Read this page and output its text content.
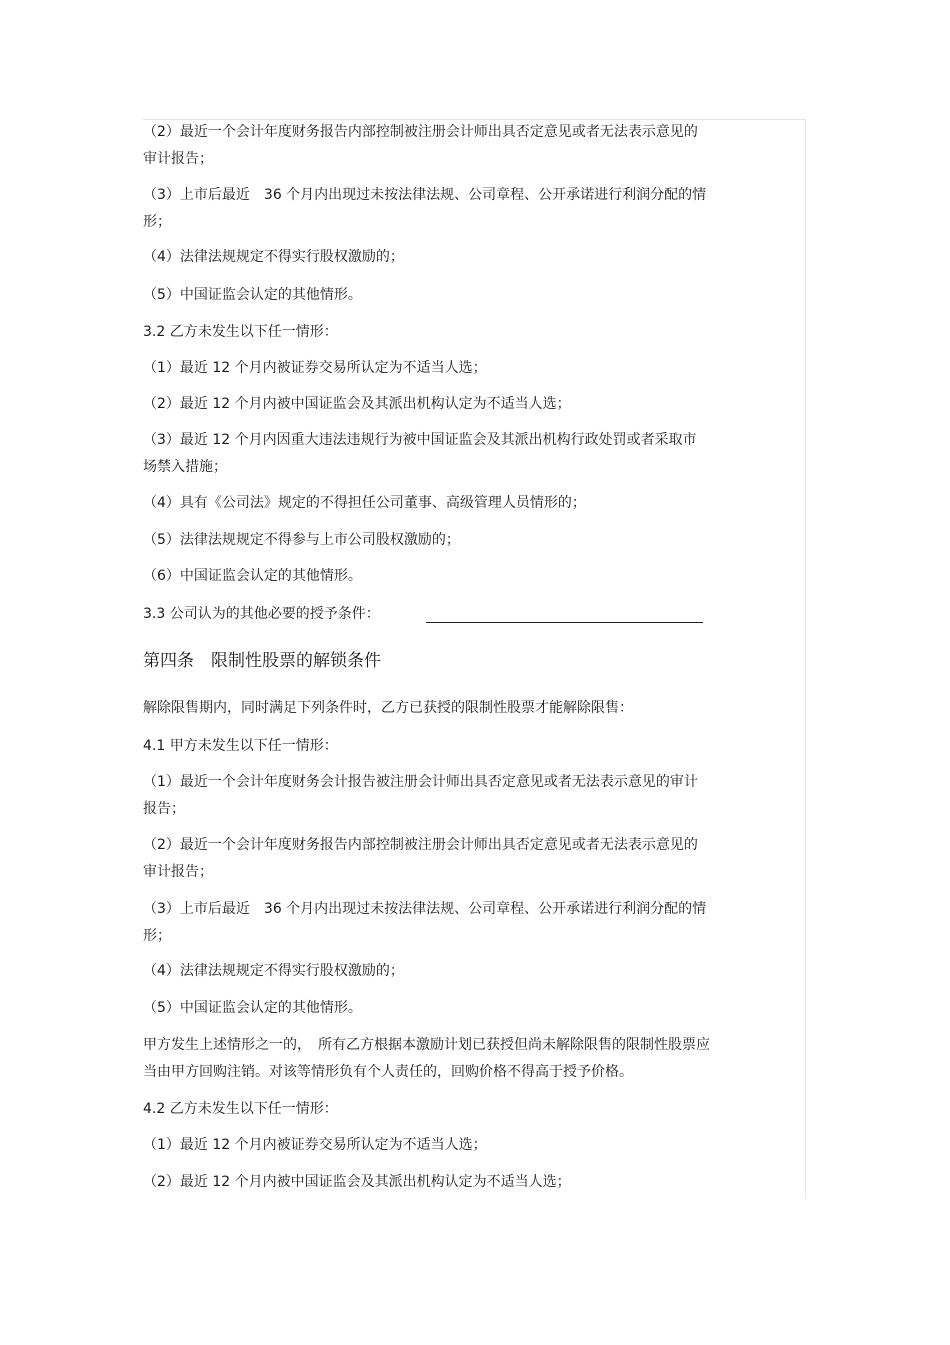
（2）最近一个会计年度财务报告内部控制被注册会计师出具否定意见或者无法表示意见的

审计报告；

（3）上市后最近　36 个月内出现过未按法律法规、公司章程、公开承诺进行利润分配的情

形；

（4）法律法规规定不得实行股权激励的；

（5）中国证监会认定的其他情形。

3.2 乙方未发生以下任一情形：

（1）最近 12 个月内被证券交易所认定为不适当人选；

（2）最近 12 个月内被中国证监会及其派出机构认定为不适当人选；

（3）最近 12 个月内因重大违法违规行为被中国证监会及其派出机构行政处罚或者采取市

场禁入措施；

（4）具有《公司法》规定的不得担任公司董事、高级管理人员情形的；

（5）法律法规规定不得参与上市公司股权激励的；

（6）中国证监会认定的其他情形。

3.3 公司认为的其他必要的授予条件：

第四条　限制性股票的解锁条件

解除限售期内，同时满足下列条件时，乙方已获授的限制性股票才能解除限售：

4.1 甲方未发生以下任一情形：

（1）最近一个会计年度财务会计报告被注册会计师出具否定意见或者无法表示意见的审计

报告；

（2）最近一个会计年度财务报告内部控制被注册会计师出具否定意见或者无法表示意见的

审计报告；

（3）上市后最近　36 个月内出现过未按法律法规、公司章程、公开承诺进行利润分配的情

形；

（4）法律法规规定不得实行股权激励的；

（5）中国证监会认定的其他情形。

甲方发生上述情形之一的，　所有乙方根据本激励计划已获授但尚未解除限售的限制性股票应

当由甲方回购注销。对该等情形负有个人责任的，回购价格不得高于授予价格。

4.2 乙方未发生以下任一情形：

（1）最近 12 个月内被证券交易所认定为不适当人选；

（2）最近 12 个月内被中国证监会及其派出机构认定为不适当人选；
